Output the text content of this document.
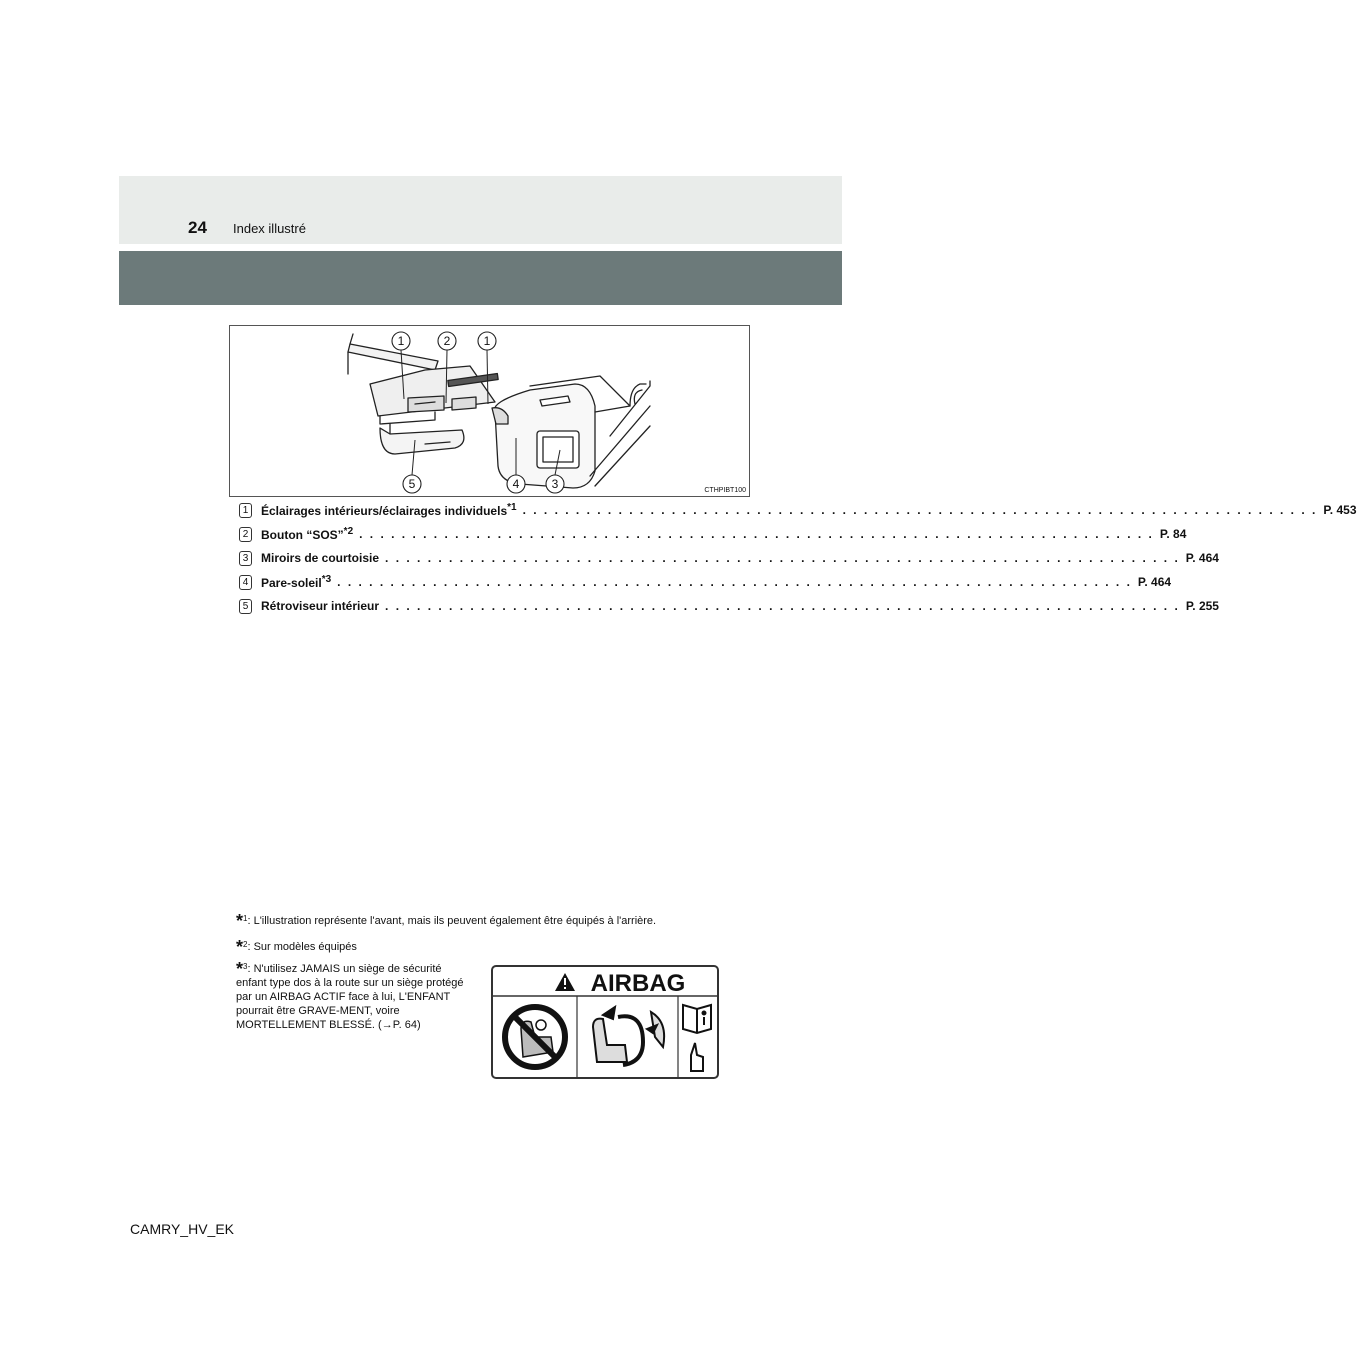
24 Index illustré
1	2	1
5	4	3	CTHPIBT100
1	Éclairages intérieurs/éclairages individuels$^{*1}$ . . . . . . . . . . . . . . . . . . . . . . . . . . . . . . . . . . . . . . . . . . . . . . . . . . . . . . . . . . . . . . . . . . . . . . . . . . . P. 453
2	Bouton “SOS”$^{*2}$ . . . . . . . . . . . . . . . . . . . . . . . . . . . . . . . . . . . . . . . . . . . . . . . . . . . . . . . . . . . . . . . . . . . . . . . . . . . P. 84
3	Miroirs de courtoisie . . . . . . . . . . . . . . . . . . . . . . . . . . . . . . . . . . . . . . . . . . . . . . . . . . . . . . . . . . . . . . . . . . . . . . . . . . . P. 464
4	Pare-soleil$^{*3}$ . . . . . . . . . . . . . . . . . . . . . . . . . . . . . . . . . . . . . . . . . . . . . . . . . . . . . . . . . . . . . . . . . . . . . . . . . . . P. 464
5	Rétroviseur intérieur . . . . . . . . . . . . . . . . . . . . . . . . . . . . . . . . . . . . . . . . . . . . . . . . . . . . . . . . . . . . . . . . . . . . . . . . . . . P. 255
*$^1$: L'illustration représente l'avant, mais ils peuvent également être équipés à l'arrière.
*$^2$: Sur modèles équipés
*$^3$: N'utilisez JAMAIS un siège de sécurité enfant type dos à la route sur un siège protégé par un AIRBAG ACTIF face à lui, L'ENFANT pourrait être GRAVE-MENT, voire MORTELLEMENT BLESSÉ. (→P. 64)
AIRBAG
CAMRY_HV_EK
